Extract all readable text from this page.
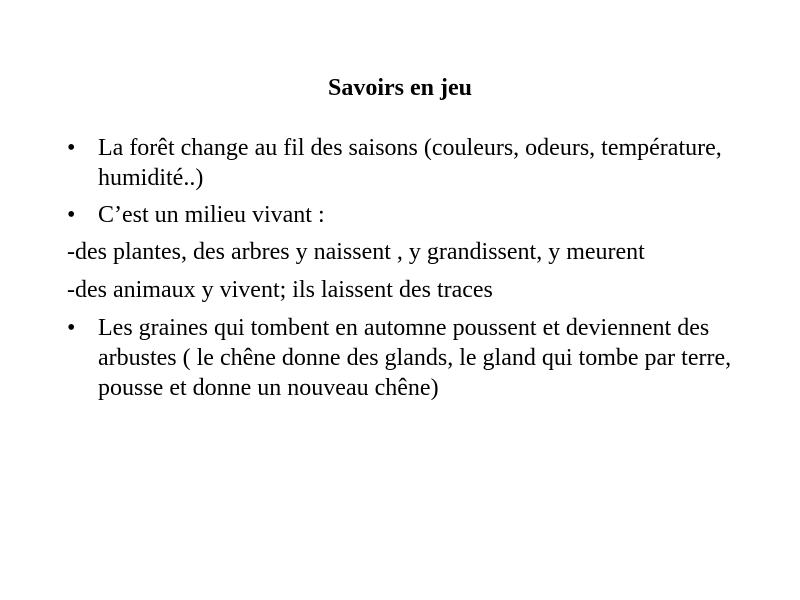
Savoirs en jeu
• La forêt change au fil des saisons (couleurs, odeurs, température, humidité..)
• C’est un milieu vivant :
-des plantes, des arbres y naissent , y grandissent, y meurent
-des animaux y vivent; ils laissent des traces
• Les graines qui tombent en automne poussent et deviennent des arbustes ( le chêne donne des glands, le gland qui tombe par terre, pousse et donne un nouveau chêne)
